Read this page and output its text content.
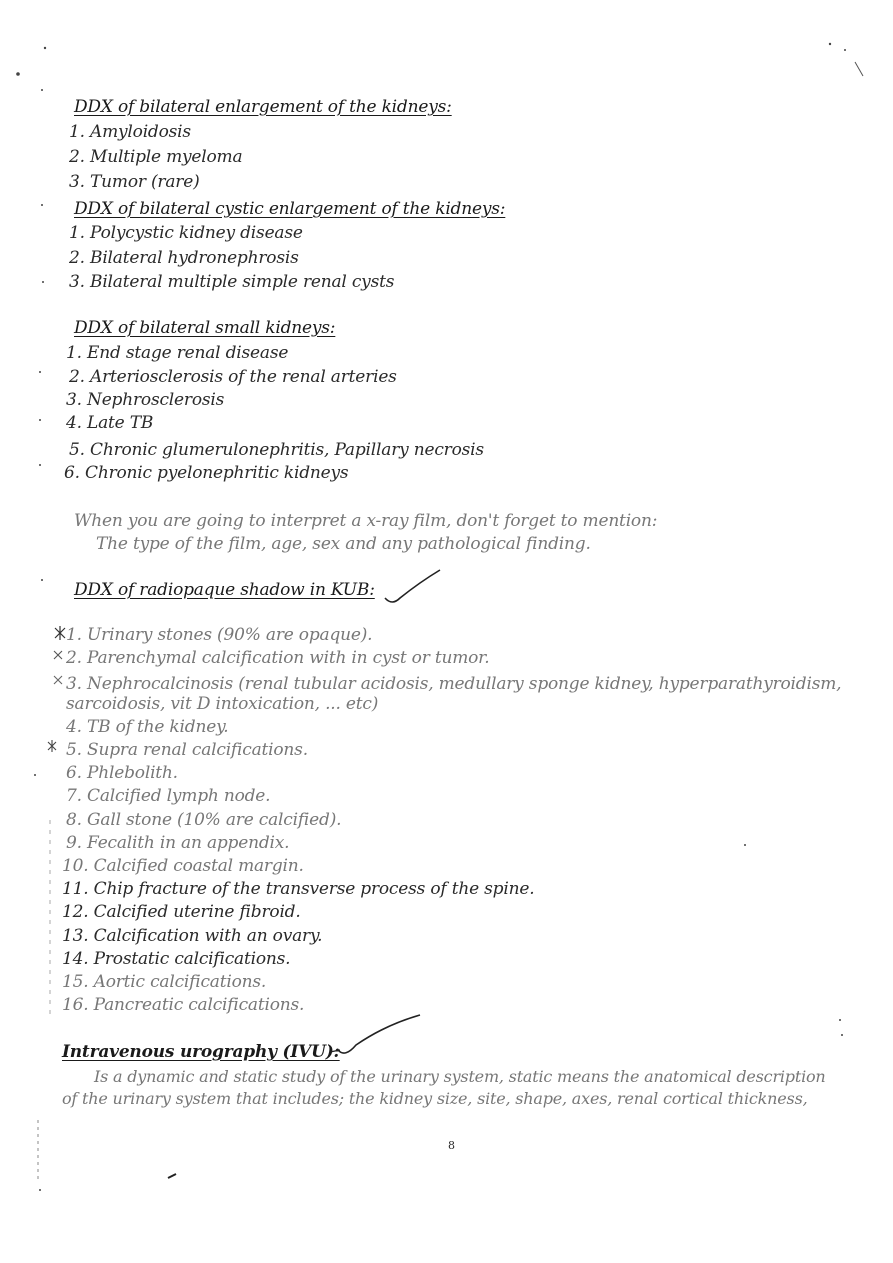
DDX of bilateral enlargement of the kidneys:
1. Amyloidosis
2. Multiple myeloma
3. Tumor (rare)
DDX of bilateral cystic enlargement of the kidneys:
1. Polycystic kidney disease
2. Bilateral hydronephrosis
3. Bilateral multiple simple renal cysts
DDX of bilateral small kidneys:
1. End stage renal disease
2. Arteriosclerosis of the renal arteries
3. Nephrosclerosis
4. Late TB
5. Chronic glumerulonephritis, Papillary necrosis
6. Chronic pyelonephritic kidneys
When you are going to interpret a x-ray film, don't forget to mention:
The type of the film, age, sex and any pathological finding.
DDX of radiopaque shadow in KUB:
1. Urinary stones (90% are opaque).
2. Parenchymal calcification with in cyst or tumor.
3. Nephrocalcinosis (renal tubular acidosis, medullary sponge kidney, hyperparathyroidism,
sarcoidosis, vit D intoxication, ... etc)
4. TB of the kidney.
5. Supra renal calcifications.
6. Phlebolith.
7. Calcified lymph node.
8. Gall stone (10% are calcified).
9. Fecalith in an appendix.
10. Calcified coastal margin.
11. Chip fracture of the transverse process of the spine.
12. Calcified uterine fibroid.
13. Calcification with an ovary.
14. Prostatic calcifications.
15. Aortic calcifications.
16. Pancreatic calcifications.
Intravenous urography (IVU):
Is a dynamic and static study of the urinary system, static means the anatomical description
of the urinary system that includes; the kidney size, site, shape, axes, renal cortical thickness,
8
